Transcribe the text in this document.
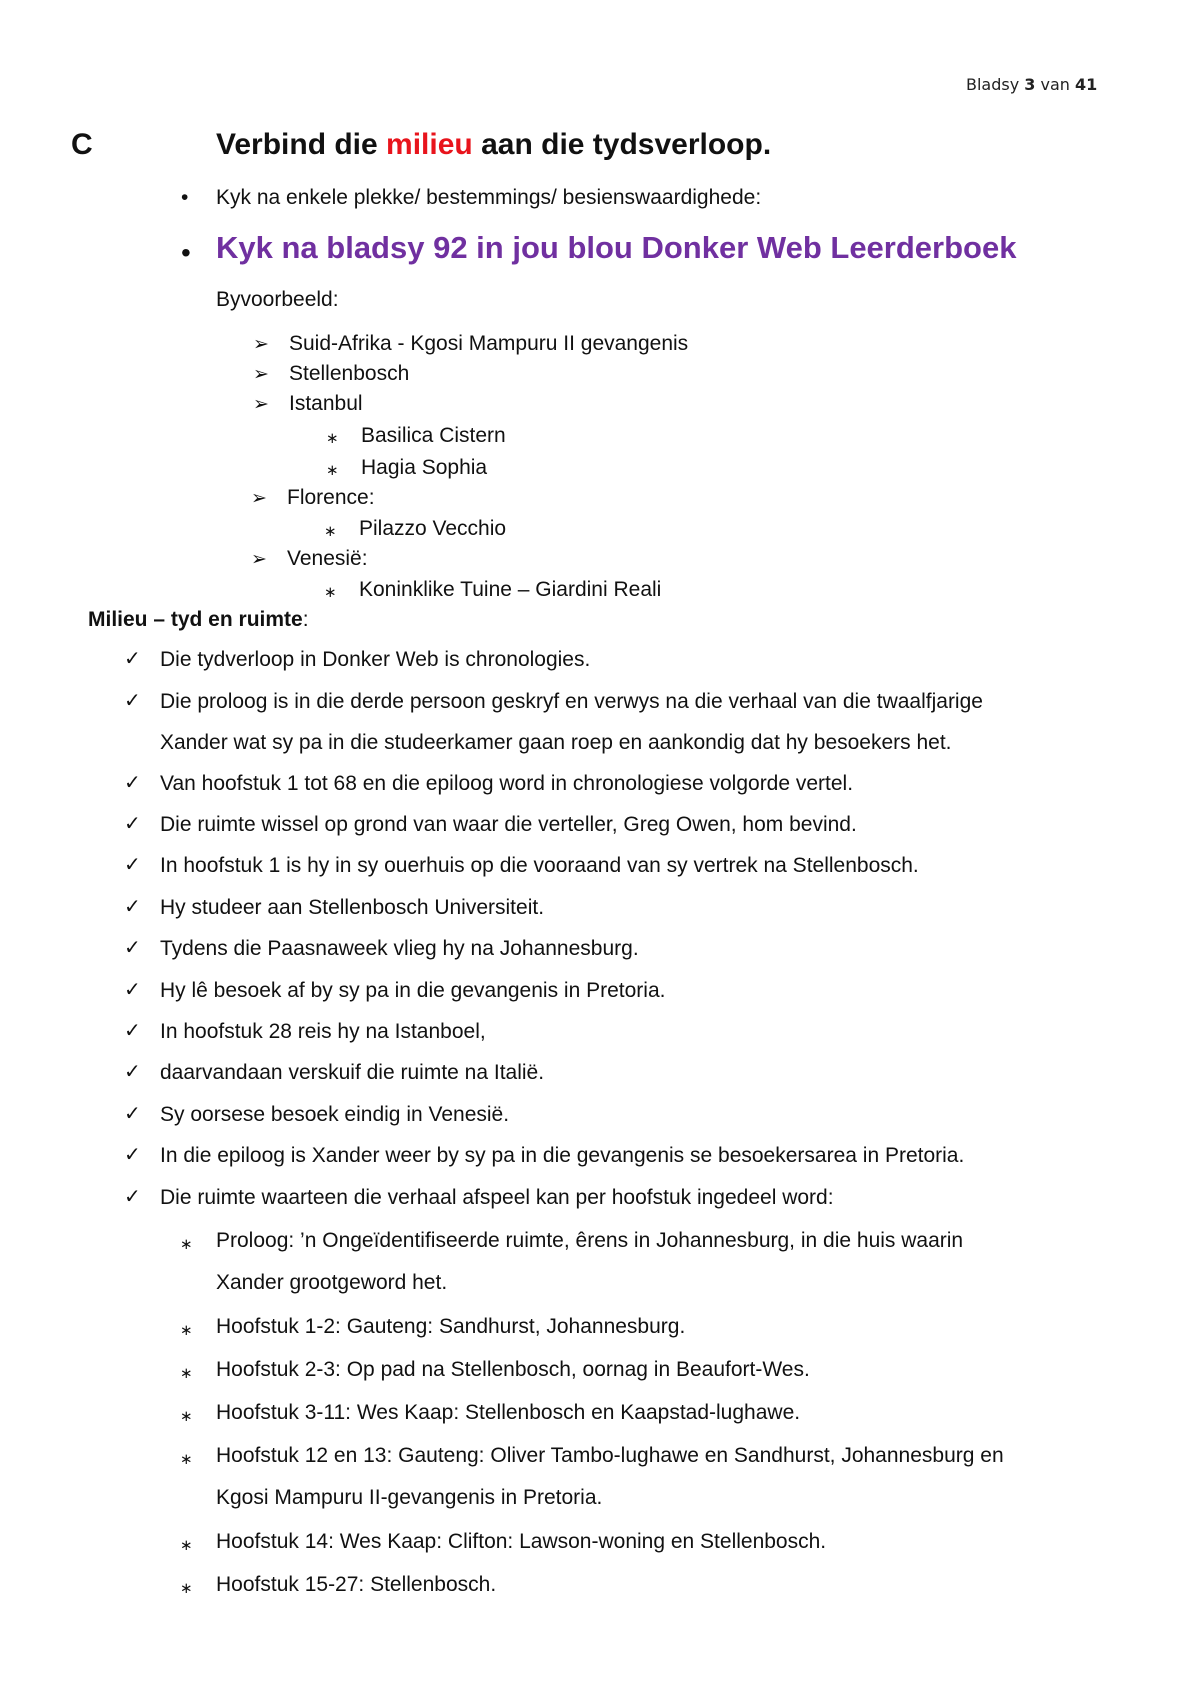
Bladsy 3 van 41
C	Verbind die milieu aan die tydsverloop.
• Kyk na enkele plekke/ bestemmings/ besienswaardighede:
• Kyk na bladsy 92 in jou blou Donker Web Leerderboek
Byvoorbeeld:
➢ Suid-Afrika - Kgosi Mampuru II gevangenis
➢ Stellenbosch
➢ Istanbul
∗ Basilica Cistern
∗ Hagia Sophia
➢ Florence:
∗ Pilazzo Vecchio
➢ Venesië:
∗ Koninklike Tuine – Giardini Reali
Milieu – tyd en ruimte:
✓ Die tydverloop in Donker Web is chronologies.
✓ Die proloog is in die derde persoon geskryf en verwys na die verhaal van die twaalfjarige
Xander wat sy pa in die studeerkamer gaan roep en aankondig dat hy besoekers het.
✓ Van hoofstuk 1 tot 68 en die epiloog word in chronologiese volgorde vertel.
✓ Die ruimte wissel op grond van waar die verteller, Greg Owen, hom bevind.
✓ In hoofstuk 1 is hy in sy ouerhuis op die vooraand van sy vertrek na Stellenbosch.
✓ Hy studeer aan Stellenbosch Universiteit.
✓ Tydens die Paasnaweek vlieg hy na Johannesburg.
✓ Hy lê besoek af by sy pa in die gevangenis in Pretoria.
✓ In hoofstuk 28 reis hy na Istanboel,
✓ daarvandaan verskuif die ruimte na Italië.
✓ Sy oorsese besoek eindig in Venesië.
✓ In die epiloog is Xander weer by sy pa in die gevangenis se besoekersarea in Pretoria.
✓ Die ruimte waarteen die verhaal afspeel kan per hoofstuk ingedeel word:
∗ Proloog: ’n Ongeïdentifiseerde ruimte, êrens in Johannesburg, in die huis waarin
Xander grootgeword het.
∗ Hoofstuk 1-2: Gauteng: Sandhurst, Johannesburg.
∗ Hoofstuk 2-3: Op pad na Stellenbosch, oornag in Beaufort-Wes.
∗ Hoofstuk 3-11: Wes Kaap: Stellenbosch en Kaapstad-lughawe.
∗ Hoofstuk 12 en 13: Gauteng: Oliver Tambo-lughawe en Sandhurst, Johannesburg en
Kgosi Mampuru II-gevangenis in Pretoria.
∗ Hoofstuk 14: Wes Kaap: Clifton: Lawson-woning en Stellenbosch.
∗ Hoofstuk 15-27: Stellenbosch.
